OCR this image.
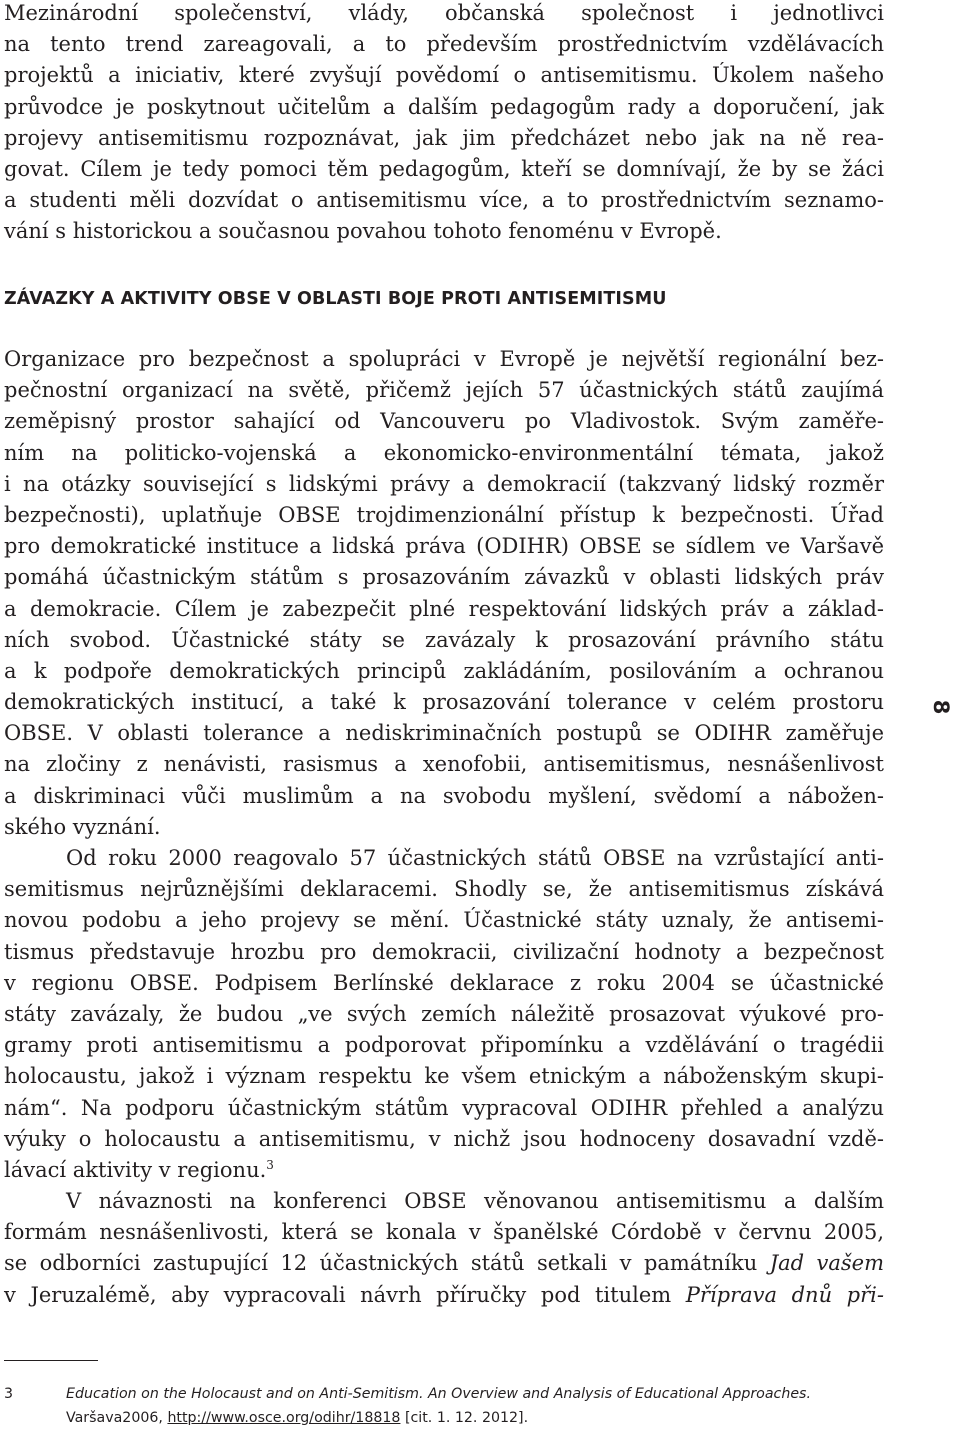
Mezinárodní společenství, vlády, občanská společnost i jednotlivci
na tento trend zareagovali, a to především prostřednictvím vzdělávacích
projektů a iniciativ, které zvyšují povědomí o antisemitismu. Úkolem našeho
průvodce je poskytnout učitelům a dalším pedagogům rady a doporučení, jak
projevy antisemitismu rozpoznávat, jak jim předcházet nebo jak na ně rea-
govat. Cílem je tedy pomoci těm pedagogům, kteří se domnívají, že by se žáci
a studenti měli dozvídat o antisemitismu více, a to prostřednictvím seznamo-
vání s historickou a současnou povahou tohoto fenoménu v Evropě.
ZÁVAZKY A AKTIVITY OBSE V OBLASTI BOJE PROTI ANTISEMITISMU
Organizace pro bezpečnost a spolupráci v Evropě je největší regionální bez-
pečnostní organizací na světě, přičemž jejích 57 účastnických států zaujímá
zeměpisný prostor sahající od Vancouveru po Vladivostok. Svým zaměře-
ním na politicko-vojenská a ekonomicko-environmentální témata, jakož
i na otázky související s lidskými právy a demokracií (takzvaný lidský rozměr
bezpečnosti), uplatňuje OBSE trojdimenzionální přístup k bezpečnosti. Úřad
pro demokratické instituce a lidská práva (ODIHR) OBSE se sídlem ve Varšavě
pomáhá účastnickým státům s prosazováním závazků v oblasti lidských práv
a demokracie. Cílem je zabezpečit plné respektování lidských práv a základ-
ních svobod. Účastnické státy se zavázaly k prosazování právního státu
a k podpoře demokratických principů zakládáním, posilováním a ochranou
demokratických institucí, a také k prosazování tolerance v celém prostoru
OBSE. V oblasti tolerance a nediskriminačních postupů se ODIHR zaměřuje
na zločiny z nenávisti, rasismus a xenofobii, antisemitismus, nesnášenlivost
a diskriminaci vůči muslimům a na svobodu myšlení, svědomí a nábožen-
ského vyznání.
Od roku 2000 reagovalo 57 účastnických států OBSE na vzrůstající anti-
semitismus nejrůznějšími deklaracemi. Shodly se, že antisemitismus získává
novou podobu a jeho projevy se mění. Účastnické státy uznaly, že antisemi-
tismus představuje hrozbu pro demokracii, civilizační hodnoty a bezpečnost
v regionu OBSE. Podpisem Berlínské deklarace z roku 2004 se účastnické
státy zavázaly, že budou „ve svých zemích náležitě prosazovat výukové pro-
gramy proti antisemitismu a podporovat připomínku a vzdělávání o tragédii
holocaustu, jakož i význam respektu ke všem etnickým a náboženským skupi-
nám“. Na podporu účastnickým státům vypracoval ODIHR přehled a analýzu
výuky o holocaustu a antisemitismu, v nichž jsou hodnoceny dosavadní vzdě-
lávací aktivity v regionu.$^3$
V návaznosti na konferenci OBSE věnovanou antisemitismu a dalším
formám nesnášenlivosti, která se konala v španělské Córdobě v červnu 2005,
se odborníci zastupující 12 účastnických států setkali v památníku Jad vašem
v Jeruzalémě, aby vypracovali návrh příručky pod titulem Příprava dnů při-
3	Education on the Holocaust and on Anti-Semitism. An Overview and Analysis of Educational Approaches.
Varšava2006, http://www.osce.org/odihr/18818 [cit. 1. 12. 2012].
8
